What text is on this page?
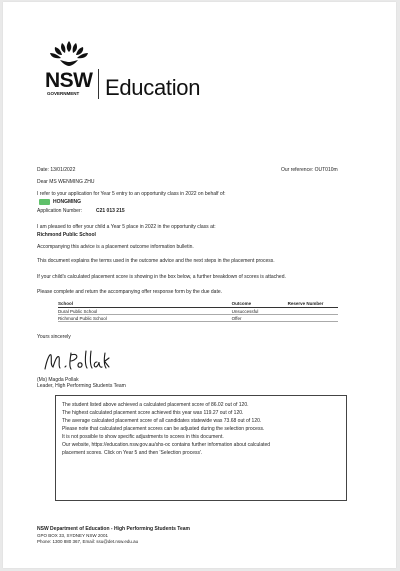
NSW
GOVERNMENT Education
Date: 13/01/2022	Our reference: OUT010m
Dear MS WENMING ZHU
I refer to your application for Year 5 entry to an opportunity class in 2022 on behalf of:
HONGMING
Application Number:	C21 013 215
I am pleased to offer your child a Year 5 place in 2022 in the opportunity class at:
Richmond Public School
Accompanying this advice is a placement outcome information bulletin.
This document explains the terms used in the outcome advice and the next steps in the placement process.
If your child's calculated placement score is showing in the box below, a further breakdown of scores is attached.
Please complete and return the accompanying offer response form by the due date.
School	Outcome	Reserve Number
Dural Public School	Unsuccessful	
Richmond Public School	Offer	
Yours sincerely
(Ms) Magda Pollak
Leader, High Performing Students Team
The student listed above achieved a calculated placement score of 86.02 out of 120.
The highest calculated placement score achieved this year was 119.27 out of 120.
The average calculated placement score of all candidates statewide was 73.68 out of 120.
Please note that calculated placement scores can be adjusted during the selection process.
It is not possible to show specific adjustments to scores in this document.
Our website, https://education.nsw.gov.au/shs-oc contains further information about calculated
placement scores. Click on Year 5 and then 'Selection process'.
NSW Department of Education - High Performing Students Team
GPO BOX 33, SYDNEY NSW 2001
Phone: 1300 880 367, Email: ssu@det.nsw.edu.au
